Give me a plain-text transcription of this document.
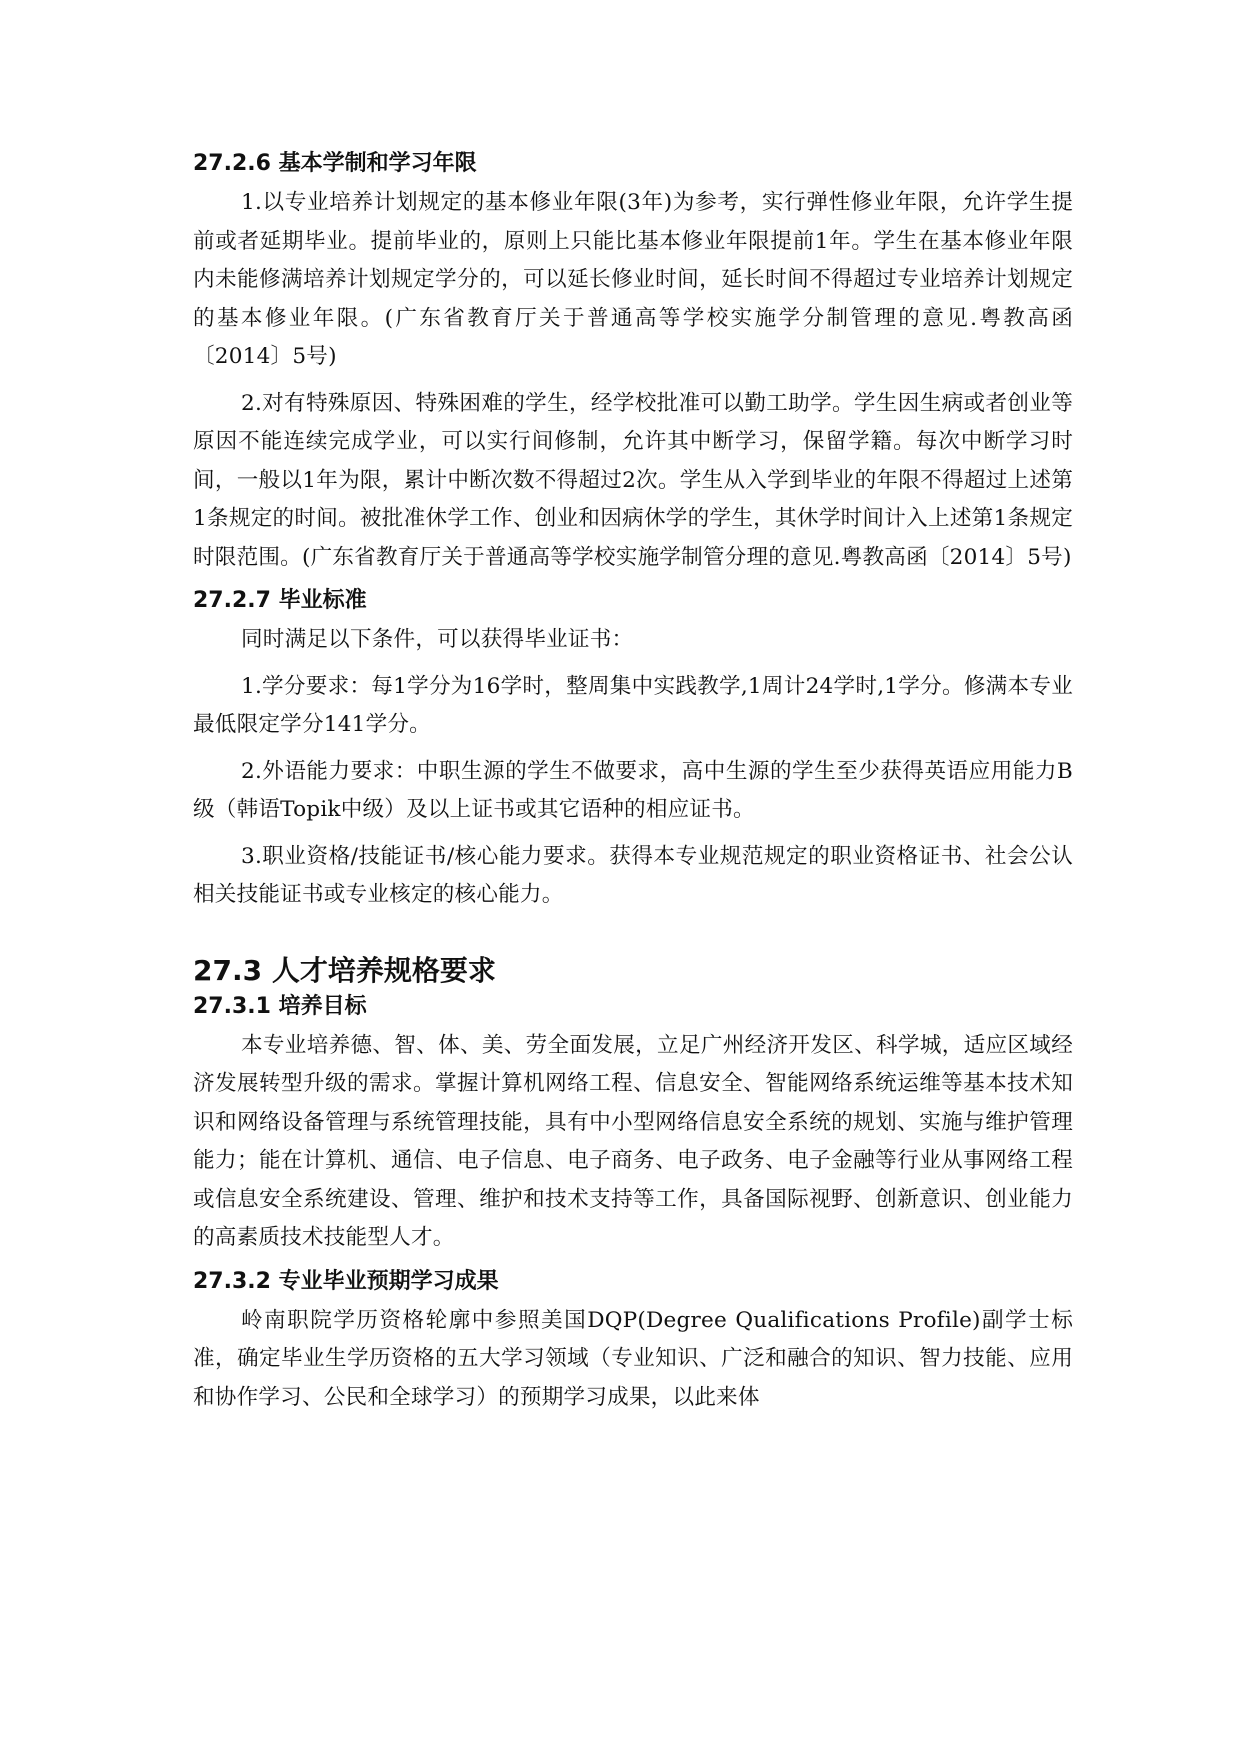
27.2.6 基本学制和学习年限

1.以专业培养计划规定的基本修业年限(3年)为参考，实行弹性修业年限，允许学生提前或者延期毕业。提前毕业的，原则上只能比基本修业年限提前1年。学生在基本修业年限内未能修满培养计划规定学分的，可以延长修业时间，延长时间不得超过专业培养计划规定的基本修业年限。(广东省教育厅关于普通高等学校实施学分制管理的意见.粤教高函〔2014〕5号)

2.对有特殊原因、特殊困难的学生，经学校批准可以勤工助学。学生因生病或者创业等原因不能连续完成学业，可以实行间修制，允许其中断学习，保留学籍。每次中断学习时间，一般以1年为限，累计中断次数不得超过2次。学生从入学到毕业的年限不得超过上述第1条规定的时间。被批准休学工作、创业和因病休学的学生，其休学时间计入上述第1条规定时限范围。(广东省教育厅关于普通高等学校实施学制管分理的意见.粤教高函〔2014〕5号)

27.2.7 毕业标准

同时满足以下条件，可以获得毕业证书：

1.学分要求：每1学分为16学时，整周集中实践教学,1周计24学时,1学分。修满本专业最低限定学分141学分。

2.外语能力要求：中职生源的学生不做要求，高中生源的学生至少获得英语应用能力B级（韩语Topik中级）及以上证书或其它语种的相应证书。

3.职业资格/技能证书/核心能力要求。获得本专业规范规定的职业资格证书、社会公认相关技能证书或专业核定的核心能力。

27.3 人才培养规格要求
27.3.1 培养目标

本专业培养德、智、体、美、劳全面发展，立足广州经济开发区、科学城，适应区域经济发展转型升级的需求。掌握计算机网络工程、信息安全、智能网络系统运维等基本技术知识和网络设备管理与系统管理技能，具有中小型网络信息安全系统的规划、实施与维护管理能力；能在计算机、通信、电子信息、电子商务、电子政务、电子金融等行业从事网络工程或信息安全系统建设、管理、维护和技术支持等工作，具备国际视野、创新意识、创业能力的高素质技术技能型人才。

27.3.2 专业毕业预期学习成果

岭南职院学历资格轮廓中参照美国DQP(Degree Qualifications Profile)副学士标准，确定毕业生学历资格的五大学习领域（专业知识、广泛和融合的知识、智力技能、应用和协作学习、公民和全球学习）的预期学习成果，以此来体
